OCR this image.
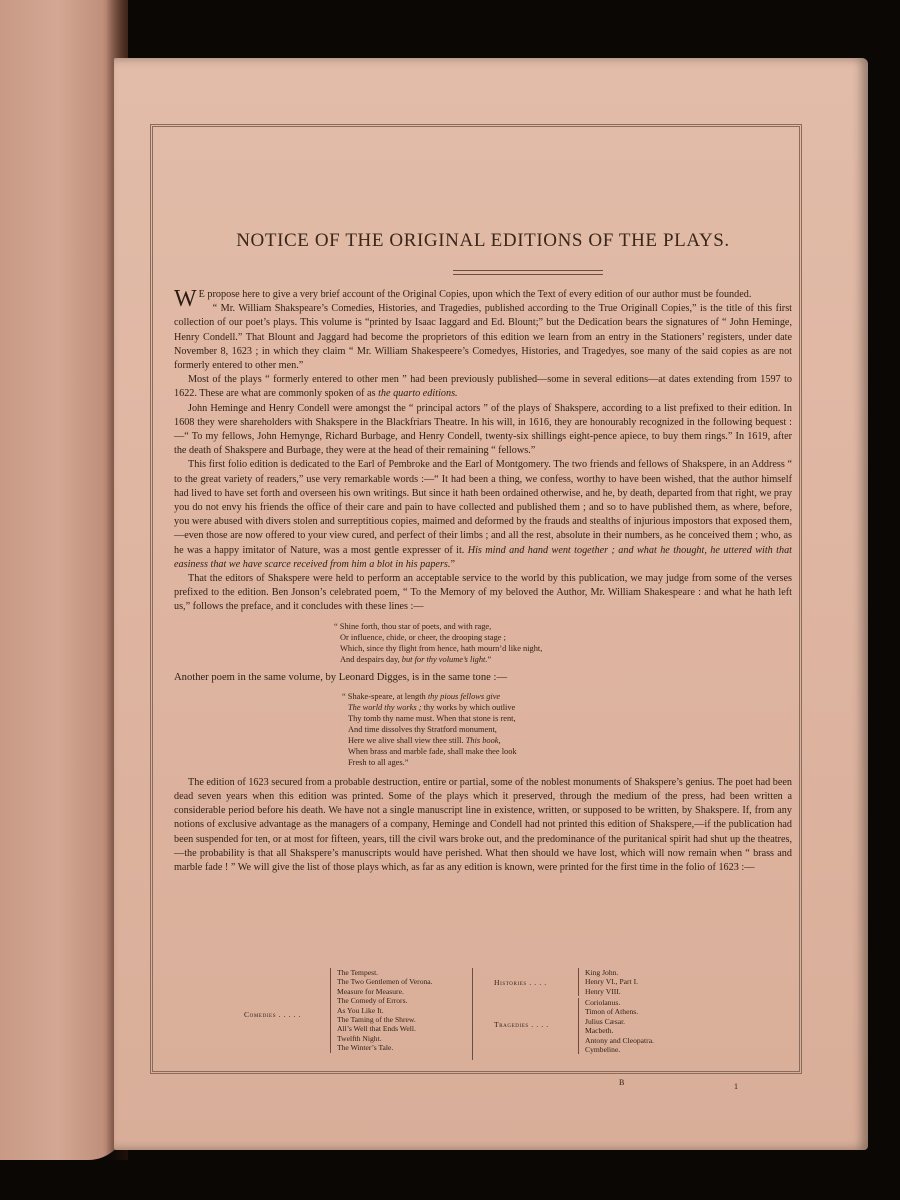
NOTICE OF THE ORIGINAL EDITIONS OF THE PLAYS.

W E propose here to give a very brief account of the Original Copies, upon which the Text of every edition of our author must be founded.

“ Mr. William Shakspeare’s Comedies, Histories, and Tragedies, published according to the True Originall Copies,” is the title of this first collection of our poet’s plays. This volume is “printed by Isaac Iaggard and Ed. Blount;” but the Dedication bears the signatures of “ John Heminge, Henry Condell.” That Blount and Jaggard had become the proprietors of this edition we learn from an entry in the Stationers’ registers, under date November 8, 1623 ; in which they claim “ Mr. William Shakespeere’s Comedyes, Histories, and Tragedyes, soe many of the said copies as are not formerly entered to other men.”

Most of the plays “ formerly entered to other men ” had been previously published—some in several editions—at dates extending from 1597 to 1622. These are what are commonly spoken of as the quarto editions.

John Heminge and Henry Condell were amongst the “ principal actors ” of the plays of Shakspere, according to a list prefixed to their edition. In 1608 they were shareholders with Shakspere in the Blackfriars Theatre. In his will, in 1616, they are honourably recognized in the following bequest :—“ To my fellows, John Hemynge, Richard Burbage, and Henry Condell, twenty-six shillings eight-pence apiece, to buy them rings.” In 1619, after the death of Shakspere and Burbage, they were at the head of their remaining “ fellows.”

This first folio edition is dedicated to the Earl of Pembroke and the Earl of Montgomery. The two friends and fellows of Shakspere, in an Address “ to the great variety of readers,” use very remarkable words :—“ It had been a thing, we confess, worthy to have been wished, that the author himself had lived to have set forth and overseen his own writings. But since it hath been ordained otherwise, and he, by death, departed from that right, we pray you do not envy his friends the office of their care and pain to have collected and published them ; and so to have published them, as where, before, you were abused with divers stolen and surreptitious copies, maimed and deformed by the frauds and stealths of injurious impostors that exposed them,—even those are now offered to your view cured, and perfect of their limbs ; and all the rest, absolute in their numbers, as he conceived them ; who, as he was a happy imitator of Nature, was a most gentle expresser of it. His mind and hand went together ; and what he thought, he uttered with that easiness that we have scarce received from him a blot in his papers.”

That the editors of Shakspere were held to perform an acceptable service to the world by this publication, we may judge from some of the verses prefixed to the edition. Ben Jonson’s celebrated poem, “ To the Memory of my beloved the Author, Mr. William Shakespeare : and what he hath left us,” follows the preface, and it concludes with these lines :—

“ Shine forth, thou star of poets, and with rage,
Or influence, chide, or cheer, the drooping stage ;
Which, since thy flight from hence, hath mourn’d like night,
And despairs day, but for thy volume’s light.”

Another poem in the same volume, by Leonard Digges, is in the same tone :—

“ Shake-speare, at length thy pious fellows give
The world thy works ; thy works by which outlive
Thy tomb thy name must. When that stone is rent,
And time dissolves thy Stratford monument,
Here we alive shall view thee still. This book,
When brass and marble fade, shall make thee look
Fresh to all ages.”

The edition of 1623 secured from a probable destruction, entire or partial, some of the noblest monuments of Shakspere’s genius. The poet had been dead seven years when this edition was printed. Some of the plays which it preserved, through the medium of the press, had been written a considerable period before his death. We have not a single manuscript line in existence, written, or supposed to be written, by Shakspere. If, from any notions of exclusive advantage as the managers of a company, Heminge and Condell had not printed this edition of Shakspere,—if the publication had been suspended for ten, or at most for fifteen, years, till the civil wars broke out, and the predominance of the puritanical spirit had shut up the theatres,—the probability is that all Shakspere’s manuscripts would have perished. What then should we have lost, which will now remain when “ brass and marble fade ! ” We will give the list of those plays which, as far as any edition is known, were printed for the first time in the folio of 1623 :—

Comedies . . . . .
The Tempest.
The Two Gentlemen of Verona.
Measure for Measure.
The Comedy of Errors.
As You Like It.
The Taming of the Shrew.
All’s Well that Ends Well.
Twelfth Night.
The Winter’s Tale.
Histories . . . .
King John.
Henry VI., Part I.
Henry VIII.
Tragedies . . . .
Coriolanus.
Timon of Athens.
Julius Cæsar.
Macbeth.
Antony and Cleopatra.
Cymbeline.
B	1
